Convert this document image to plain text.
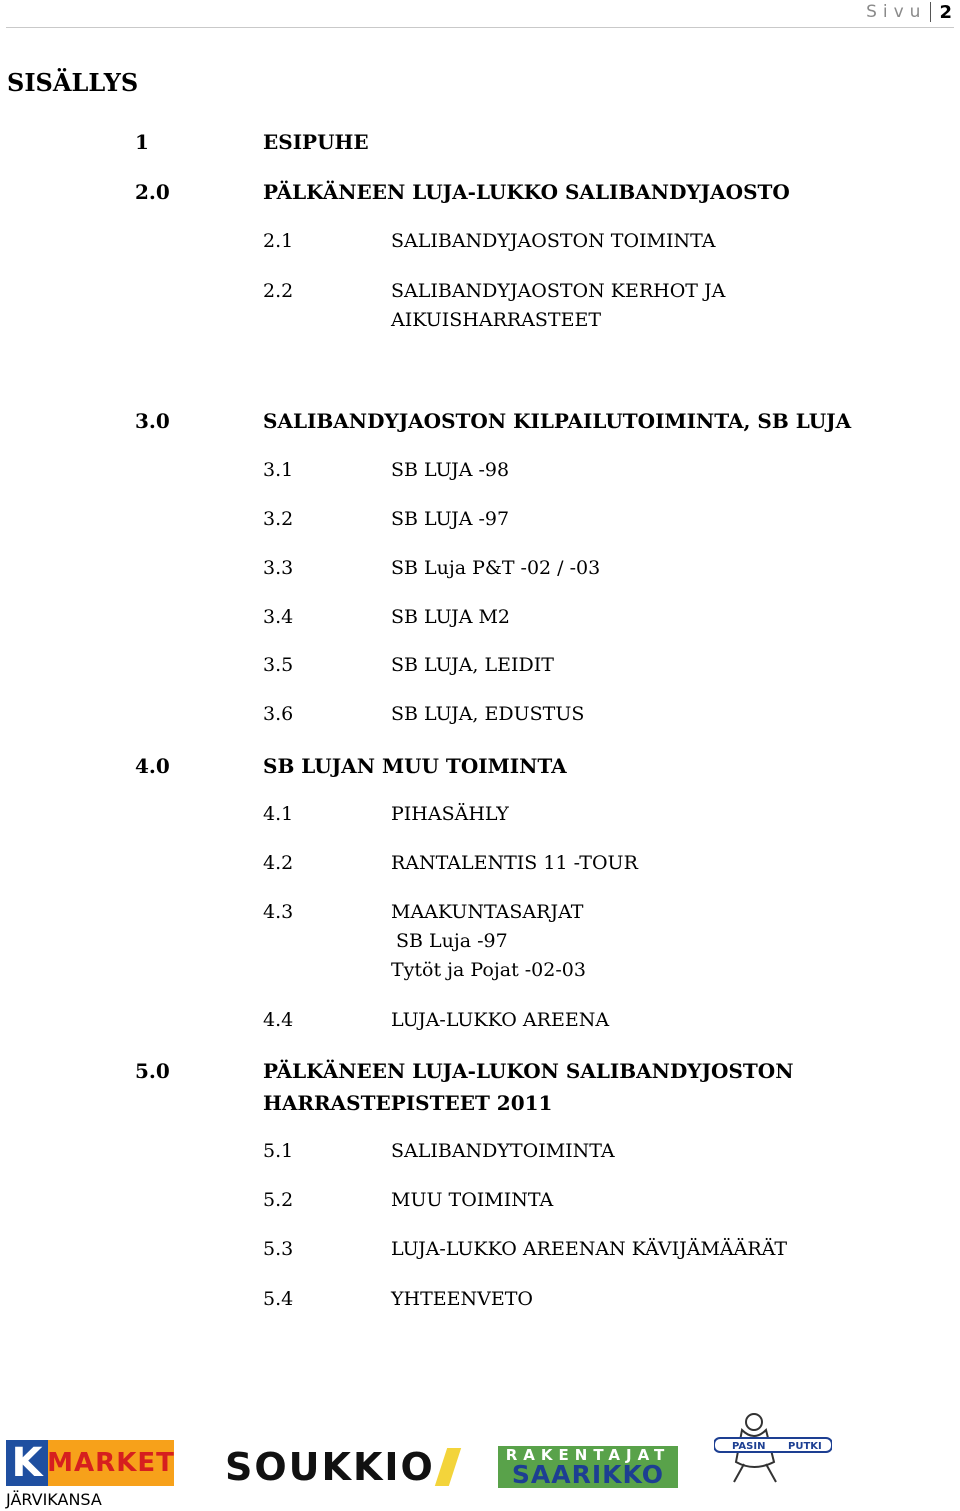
Sivu 2
SISÄLLYS
1	ESIPUHE
2.0	PÄLKÄNEEN LUJA-LUKKO SALIBANDYJAOSTO
2.1	SALIBANDYJAOSTON TOIMINTA
2.2	SALIBANDYJAOSTON KERHOT JA
AIKUISHARRASTEET
3.0	SALIBANDYJAOSTON KILPAILUTOIMINTA, SB LUJA
3.1	SB LUJA -98
3.2	SB LUJA -97
3.3	SB Luja P&T -02 / -03
3.4	SB LUJA M2
3.5	SB LUJA, LEIDIT
3.6	SB LUJA, EDUSTUS
4.0	SB LUJAN MUU TOIMINTA
4.1	PIHASÄHLY
4.2	RANTALENTIS 11 -TOUR
4.3	MAAKUNTASARJAT
SB Luja -97
Tytöt ja Pojat -02-03
4.4	LUJA-LUKKO AREENA
5.0	PÄLKÄNEEN LUJA-LUKON SALIBANDYJOSTON
HARRASTEPISTEET 2011
5.1	SALIBANDYTOIMINTA
5.2	MUU TOIMINTA
5.3	LUJA-LUKKO AREENAN KÄVIJÄMÄÄRÄT
5.4	YHTEENVETO
K MARKET
JÄRVIKANSA
SOUKKIO	RAKENTAJAT
SAARIKKO
PASIN PUTKI
